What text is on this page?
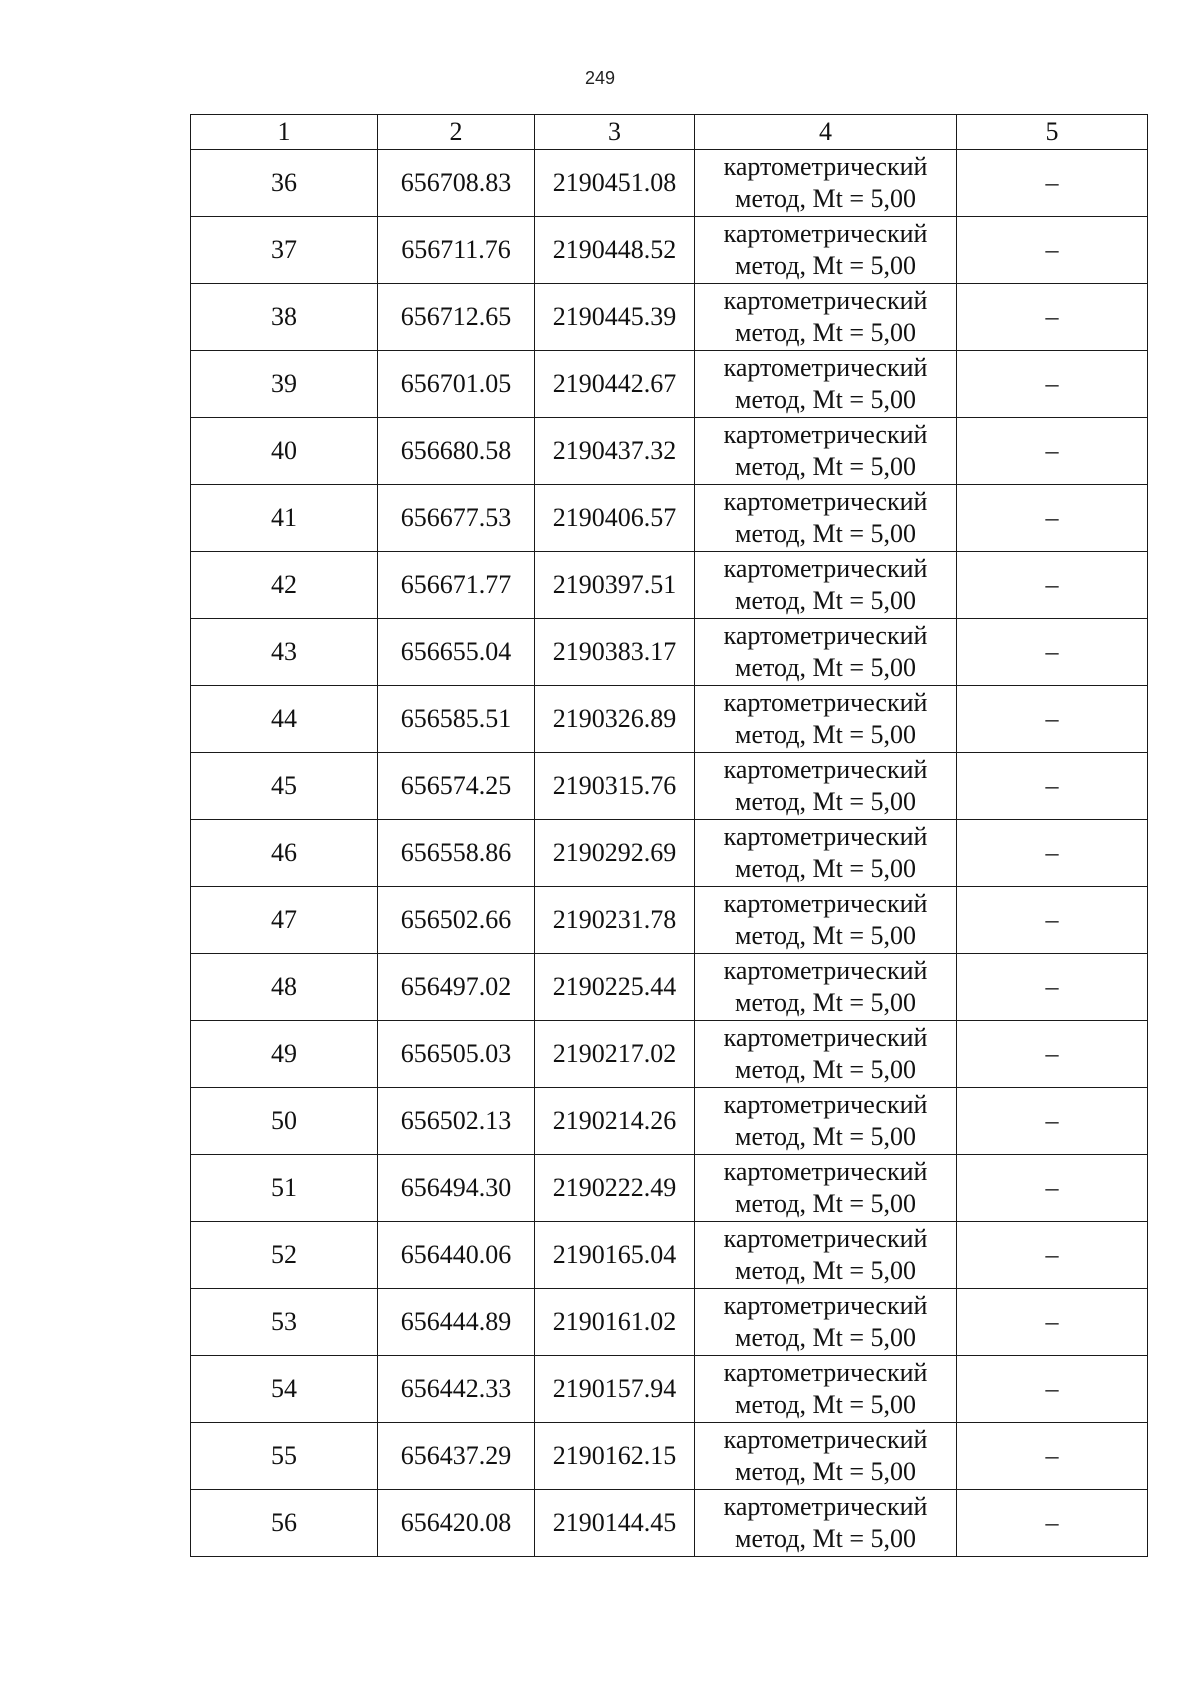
249
1	2	3	4	5
36	656708.83	2190451.08	картометрический
метод, Mt = 5,00	–
37	656711.76	2190448.52	картометрический
метод, Mt = 5,00	–
38	656712.65	2190445.39	картометрический
метод, Mt = 5,00	–
39	656701.05	2190442.67	картометрический
метод, Mt = 5,00	–
40	656680.58	2190437.32	картометрический
метод, Mt = 5,00	–
41	656677.53	2190406.57	картометрический
метод, Mt = 5,00	–
42	656671.77	2190397.51	картометрический
метод, Mt = 5,00	–
43	656655.04	2190383.17	картометрический
метод, Mt = 5,00	–
44	656585.51	2190326.89	картометрический
метод, Mt = 5,00	–
45	656574.25	2190315.76	картометрический
метод, Mt = 5,00	–
46	656558.86	2190292.69	картометрический
метод, Mt = 5,00	–
47	656502.66	2190231.78	картометрический
метод, Mt = 5,00	–
48	656497.02	2190225.44	картометрический
метод, Mt = 5,00	–
49	656505.03	2190217.02	картометрический
метод, Mt = 5,00	–
50	656502.13	2190214.26	картометрический
метод, Mt = 5,00	–
51	656494.30	2190222.49	картометрический
метод, Mt = 5,00	–
52	656440.06	2190165.04	картометрический
метод, Mt = 5,00	–
53	656444.89	2190161.02	картометрический
метод, Mt = 5,00	–
54	656442.33	2190157.94	картометрический
метод, Mt = 5,00	–
55	656437.29	2190162.15	картометрический
метод, Mt = 5,00	–
56	656420.08	2190144.45	картометрический
метод, Mt = 5,00	–
